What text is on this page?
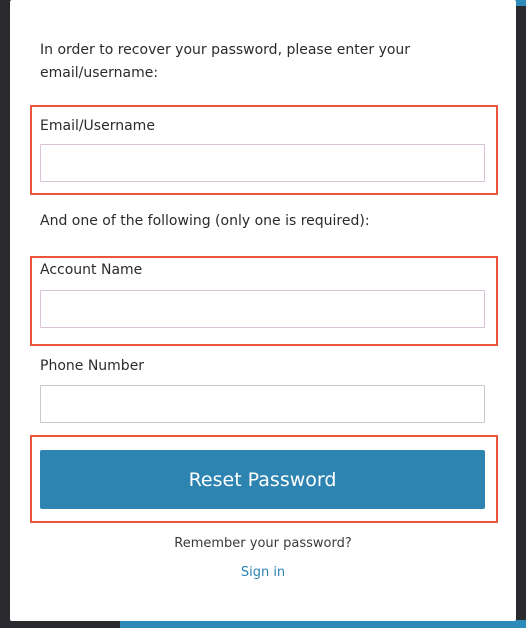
In order to recover your password, please enter your email/username:
Email/Username
And one of the following (only one is required):
Account Name
Phone Number
Reset Password
Remember your password?
Sign in
